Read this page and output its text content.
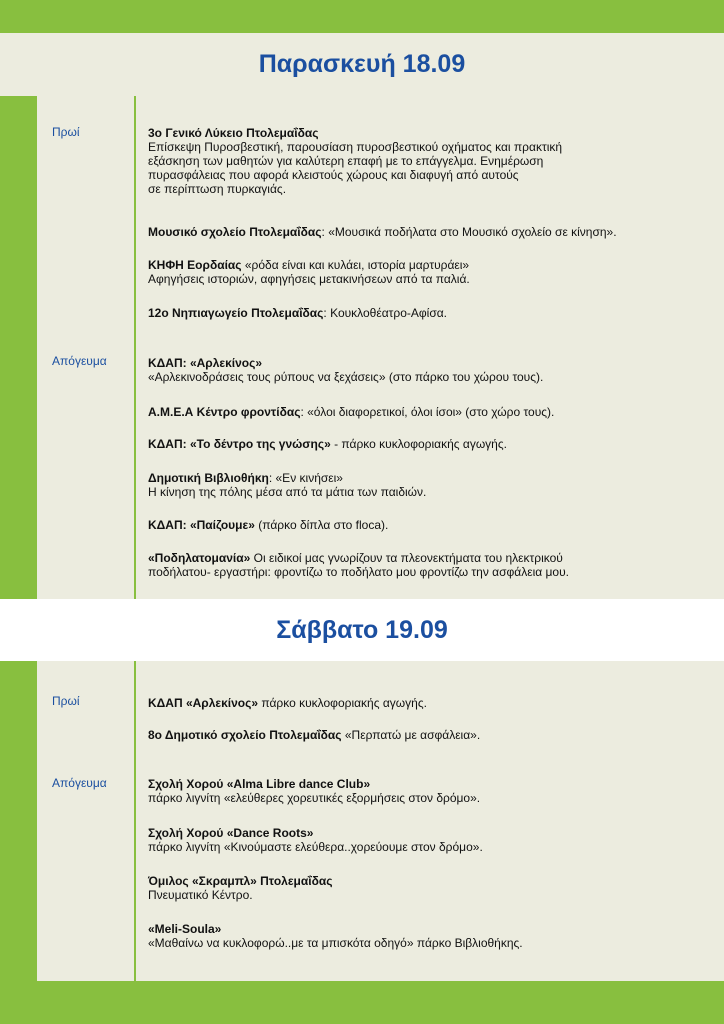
Παρασκευή 18.09
Πρωί
Απόγευμα
Σάββατο 19.09
Πρωί
Απόγευμα
3ο Γενικό Λύκειο Πτολεμαΐδας
Επίσκεψη Πυροσβεστική, παρουσίαση πυροσβεστικού οχήματος και πρακτική
εξάσκηση των μαθητών για καλύτερη επαφή με το επάγγελμα. Ενημέρωση
πυρασφάλειας που αφορά κλειστούς χώρους και διαφυγή από αυτούς
σε περίπτωση πυρκαγιάς.
Μουσικό σχολείο Πτολεμαΐδας: «Μουσικά ποδήλατα στο Μουσικό σχολείο σε κίνηση».
ΚΗΦΗ Εορδαίας «ρόδα είναι και κυλάει, ιστορία μαρτυράει»
Αφηγήσεις ιστοριών, αφηγήσεις μετακινήσεων από τα παλιά.
12ο Νηπιαγωγείο Πτολεμαΐδας: Κουκλοθέατρο-Αφίσα.
ΚΔΑΠ: «Αρλεκίνος»
«Αρλεκινοδράσεις τους ρύπους να ξεχάσεις» (στο πάρκο του χώρου τους).
Α.Μ.Ε.Α Κέντρο φροντίδας: «όλοι διαφορετικοί, όλοι ίσοι» (στο χώρο τους).
ΚΔΑΠ: «Το δέντρο της γνώσης» - πάρκο κυκλοφοριακής αγωγής.
Δημοτική Βιβλιοθήκη: «Εν κινήσει»
Η κίνηση της πόλης μέσα από τα μάτια των παιδιών.
ΚΔΑΠ: «Παίζουμε» (πάρκο δίπλα στο floca).
«Ποδηλατομανία» Οι ειδικοί μας γνωρίζουν τα πλεονεκτήματα του ηλεκτρικού
ποδήλατου- εργαστήρι: φροντίζω το ποδήλατο μου φροντίζω την ασφάλεια μου.
ΚΔΑΠ «Αρλεκίνος» πάρκο κυκλοφοριακής αγωγής.
8ο Δημοτικό σχολείο Πτολεμαΐδας «Περπατώ με ασφάλεια».
Σχολή Χορού «Alma Libre dance Club»
πάρκο λιγνίτη «ελεύθερες χορευτικές εξορμήσεις στον δρόμο».
Σχολή Χορού «Dance Roots»
πάρκο λιγνίτη «Κινούμαστε ελεύθερα..χορεύουμε στον δρόμο».
Όμιλος «Σκραμπλ» Πτολεμαΐδας
Πνευματικό Κέντρο.
«Meli-Soula»
«Μαθαίνω να κυκλοφορώ..με τα μπισκότα οδηγό» πάρκο Βιβλιοθήκης.
